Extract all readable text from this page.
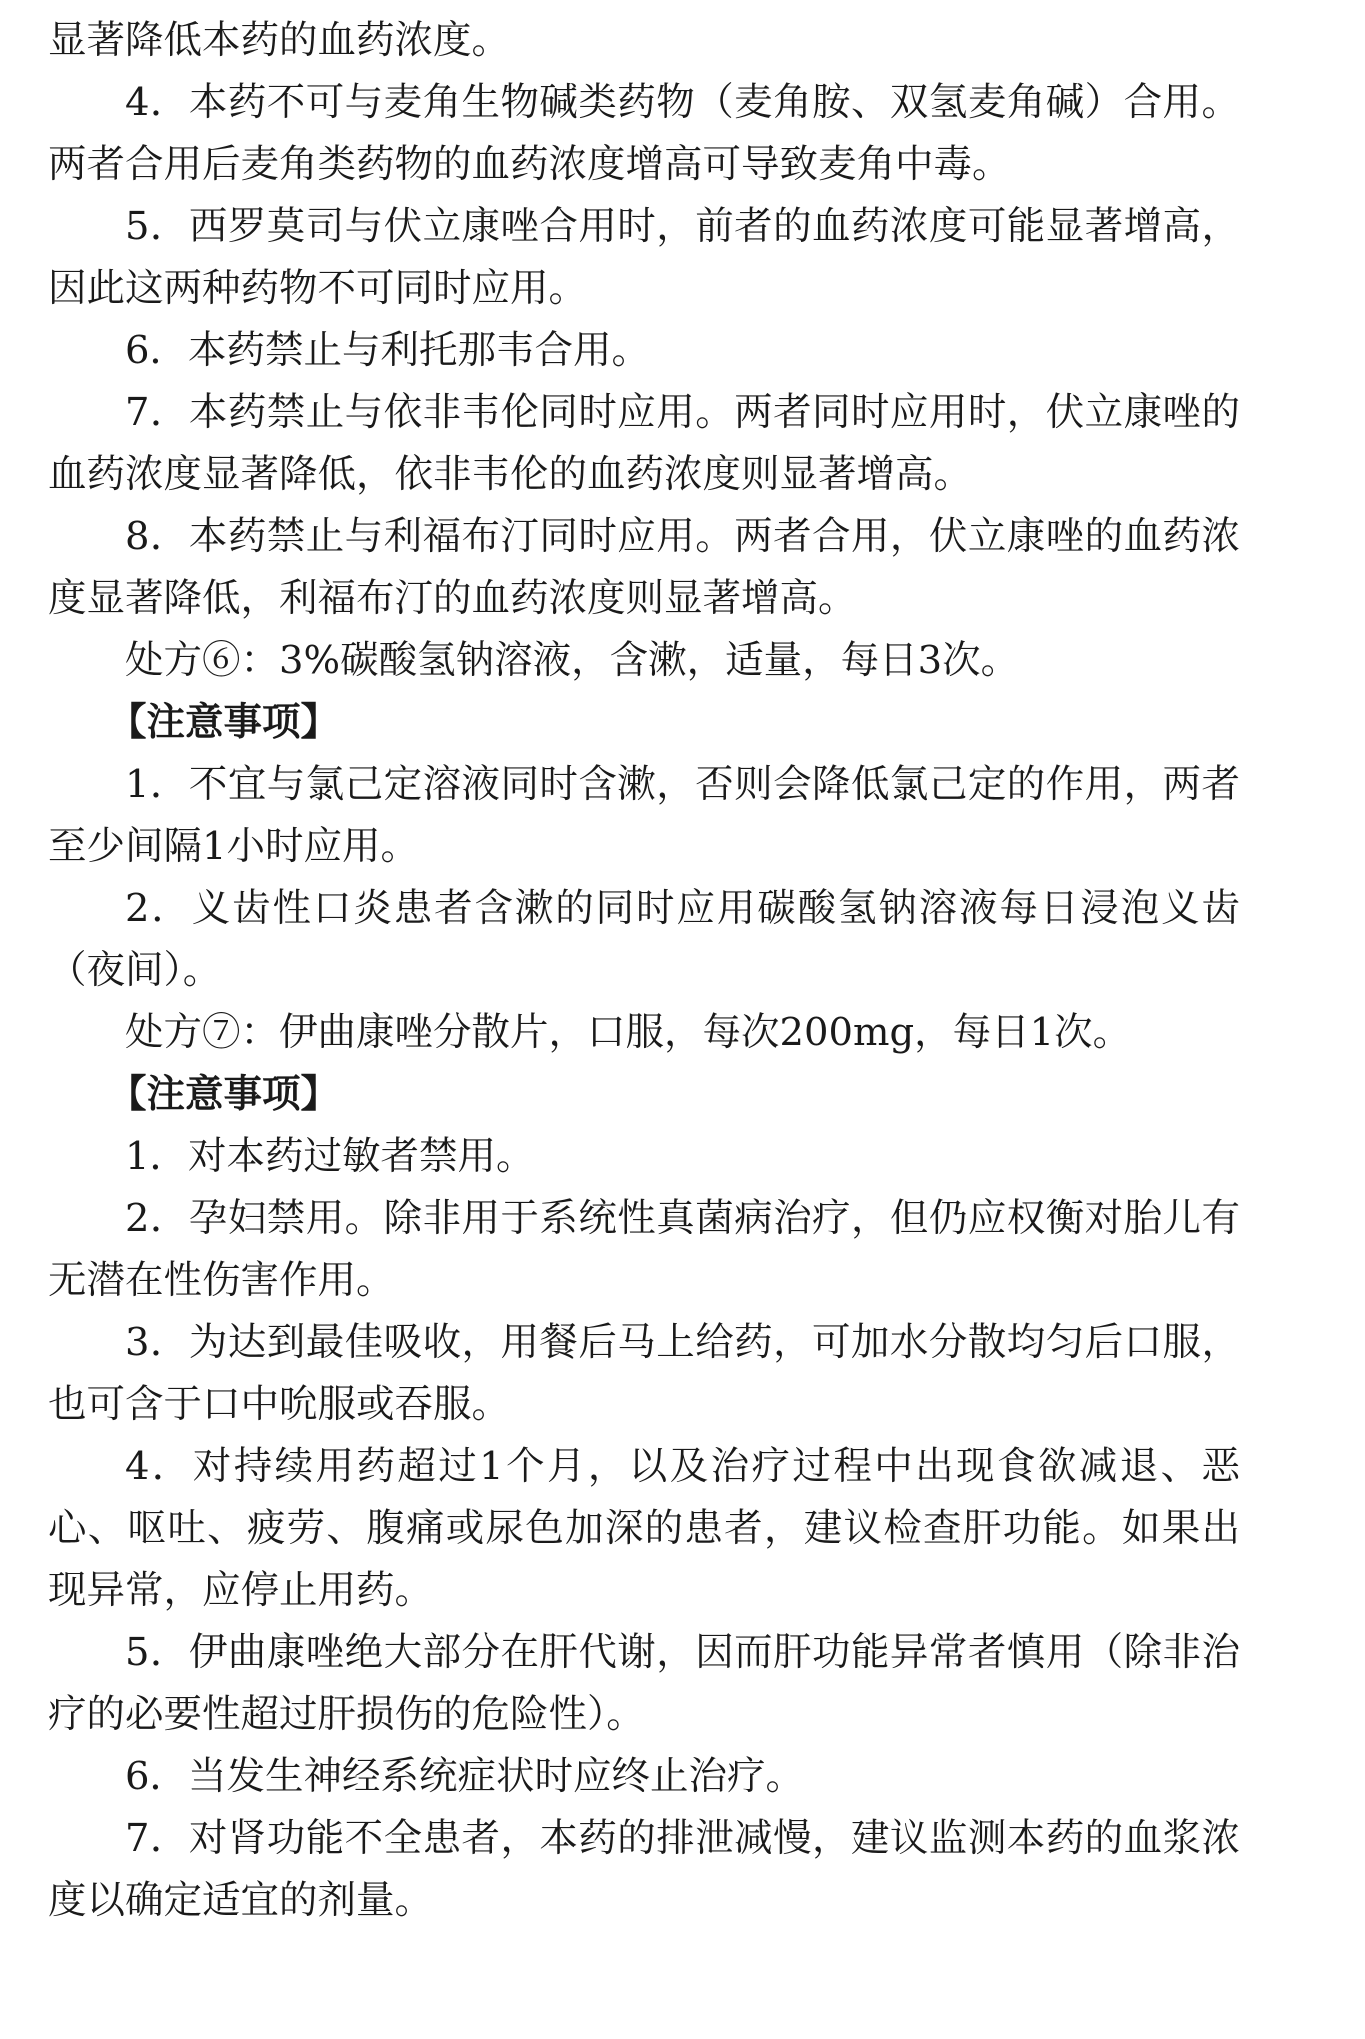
显著降低本药的血药浓度。

4．本药不可与麦角生物碱类药物（麦角胺、双氢麦角碱）合用。两者合用后麦角类药物的血药浓度增高可导致麦角中毒。

5．西罗莫司与伏立康唑合用时，前者的血药浓度可能显著增高，因此这两种药物不可同时应用。

6．本药禁止与利托那韦合用。

7．本药禁止与依非韦伦同时应用。两者同时应用时，伏立康唑的血药浓度显著降低，依非韦伦的血药浓度则显著增高。

8．本药禁止与利福布汀同时应用。两者合用，伏立康唑的血药浓度显著降低，利福布汀的血药浓度则显著增高。

处方⑥：3%碳酸氢钠溶液，含漱，适量，每日3次。

【注意事项】

1．不宜与氯己定溶液同时含漱，否则会降低氯己定的作用，两者至少间隔1小时应用。

2．义齿性口炎患者含漱的同时应用碳酸氢钠溶液每日浸泡义齿（夜间）。

处方⑦：伊曲康唑分散片，口服，每次200mg，每日1次。

【注意事项】

1．对本药过敏者禁用。

2．孕妇禁用。除非用于系统性真菌病治疗，但仍应权衡对胎儿有无潜在性伤害作用。

3．为达到最佳吸收，用餐后马上给药，可加水分散均匀后口服，也可含于口中吮服或吞服。

4．对持续用药超过1个月，以及治疗过程中出现食欲减退、恶心、呕吐、疲劳、腹痛或尿色加深的患者，建议检查肝功能。如果出现异常，应停止用药。

5．伊曲康唑绝大部分在肝代谢，因而肝功能异常者慎用（除非治疗的必要性超过肝损伤的危险性）。

6．当发生神经系统症状时应终止治疗。

7．对肾功能不全患者，本药的排泄减慢，建议监测本药的血浆浓度以确定适宜的剂量。
